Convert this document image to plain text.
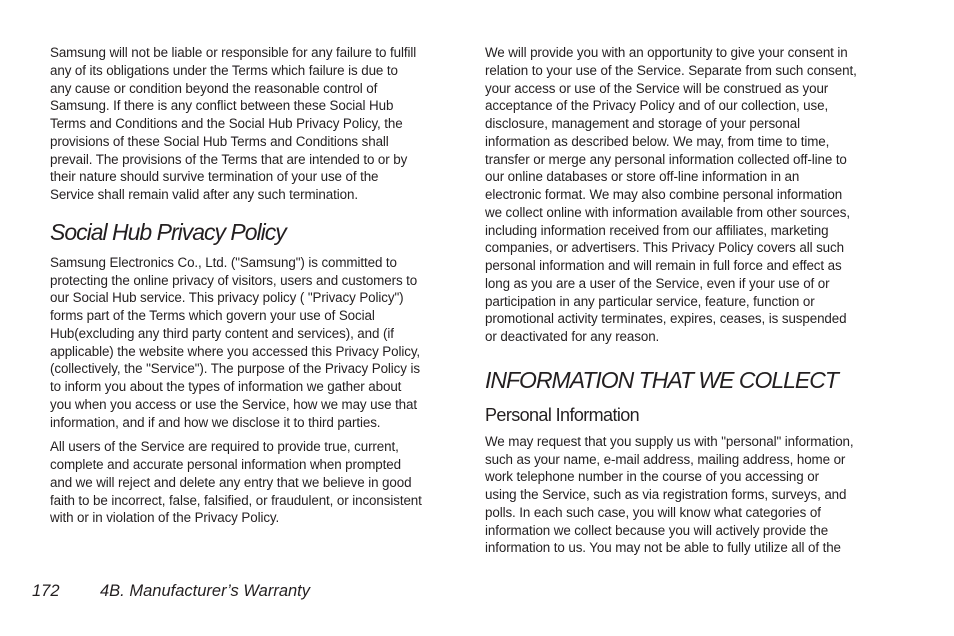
Samsung will not be liable or responsible for any failure to fulfill
any of its obligations under the Terms which failure is due to
any cause or condition beyond the reasonable control of
Samsung. If there is any conflict between these Social Hub
Terms and Conditions and the Social Hub Privacy Policy, the
provisions of these Social Hub Terms and Conditions shall
prevail. The provisions of the Terms that are intended to or by
their nature should survive termination of your use of the
Service shall remain valid after any such termination.

Social Hub Privacy Policy

Samsung Electronics Co., Ltd. ("Samsung") is committed to
protecting the online privacy of visitors, users and customers to
our Social Hub service. This privacy policy ( "Privacy Policy")
forms part of the Terms which govern your use of Social
Hub(excluding any third party content and services), and (if
applicable) the website where you accessed this Privacy Policy,
(collectively, the "Service"). The purpose of the Privacy Policy is
to inform you about the types of information we gather about
you when you access or use the Service, how we may use that
information, and if and how we disclose it to third parties.

All users of the Service are required to provide true, current,
complete and accurate personal information when prompted
and we will reject and delete any entry that we believe in good
faith to be incorrect, false, falsified, or fraudulent, or inconsistent
with or in violation of the Privacy Policy.

We will provide you with an opportunity to give your consent in
relation to your use of the Service. Separate from such consent,
your access or use of the Service will be construed as your
acceptance of the Privacy Policy and of our collection, use,
disclosure, management and storage of your personal
information as described below. We may, from time to time,
transfer or merge any personal information collected off-line to
our online databases or store off-line information in an
electronic format. We may also combine personal information
we collect online with information available from other sources,
including information received from our affiliates, marketing
companies, or advertisers. This Privacy Policy covers all such
personal information and will remain in full force and effect as
long as you are a user of the Service, even if your use of or
participation in any particular service, feature, function or
promotional activity terminates, expires, ceases, is suspended
or deactivated for any reason.

INFORMATION THAT WE COLLECT
Personal Information

We may request that you supply us with "personal" information,
such as your name, e-mail address, mailing address, home or
work telephone number in the course of you accessing or
using the Service, such as via registration forms, surveys, and
polls. In each such case, you will know what categories of
information we collect because you will actively provide the
information to us. You may not be able to fully utilize all of the

172 4B. Manufacturer’s Warranty
